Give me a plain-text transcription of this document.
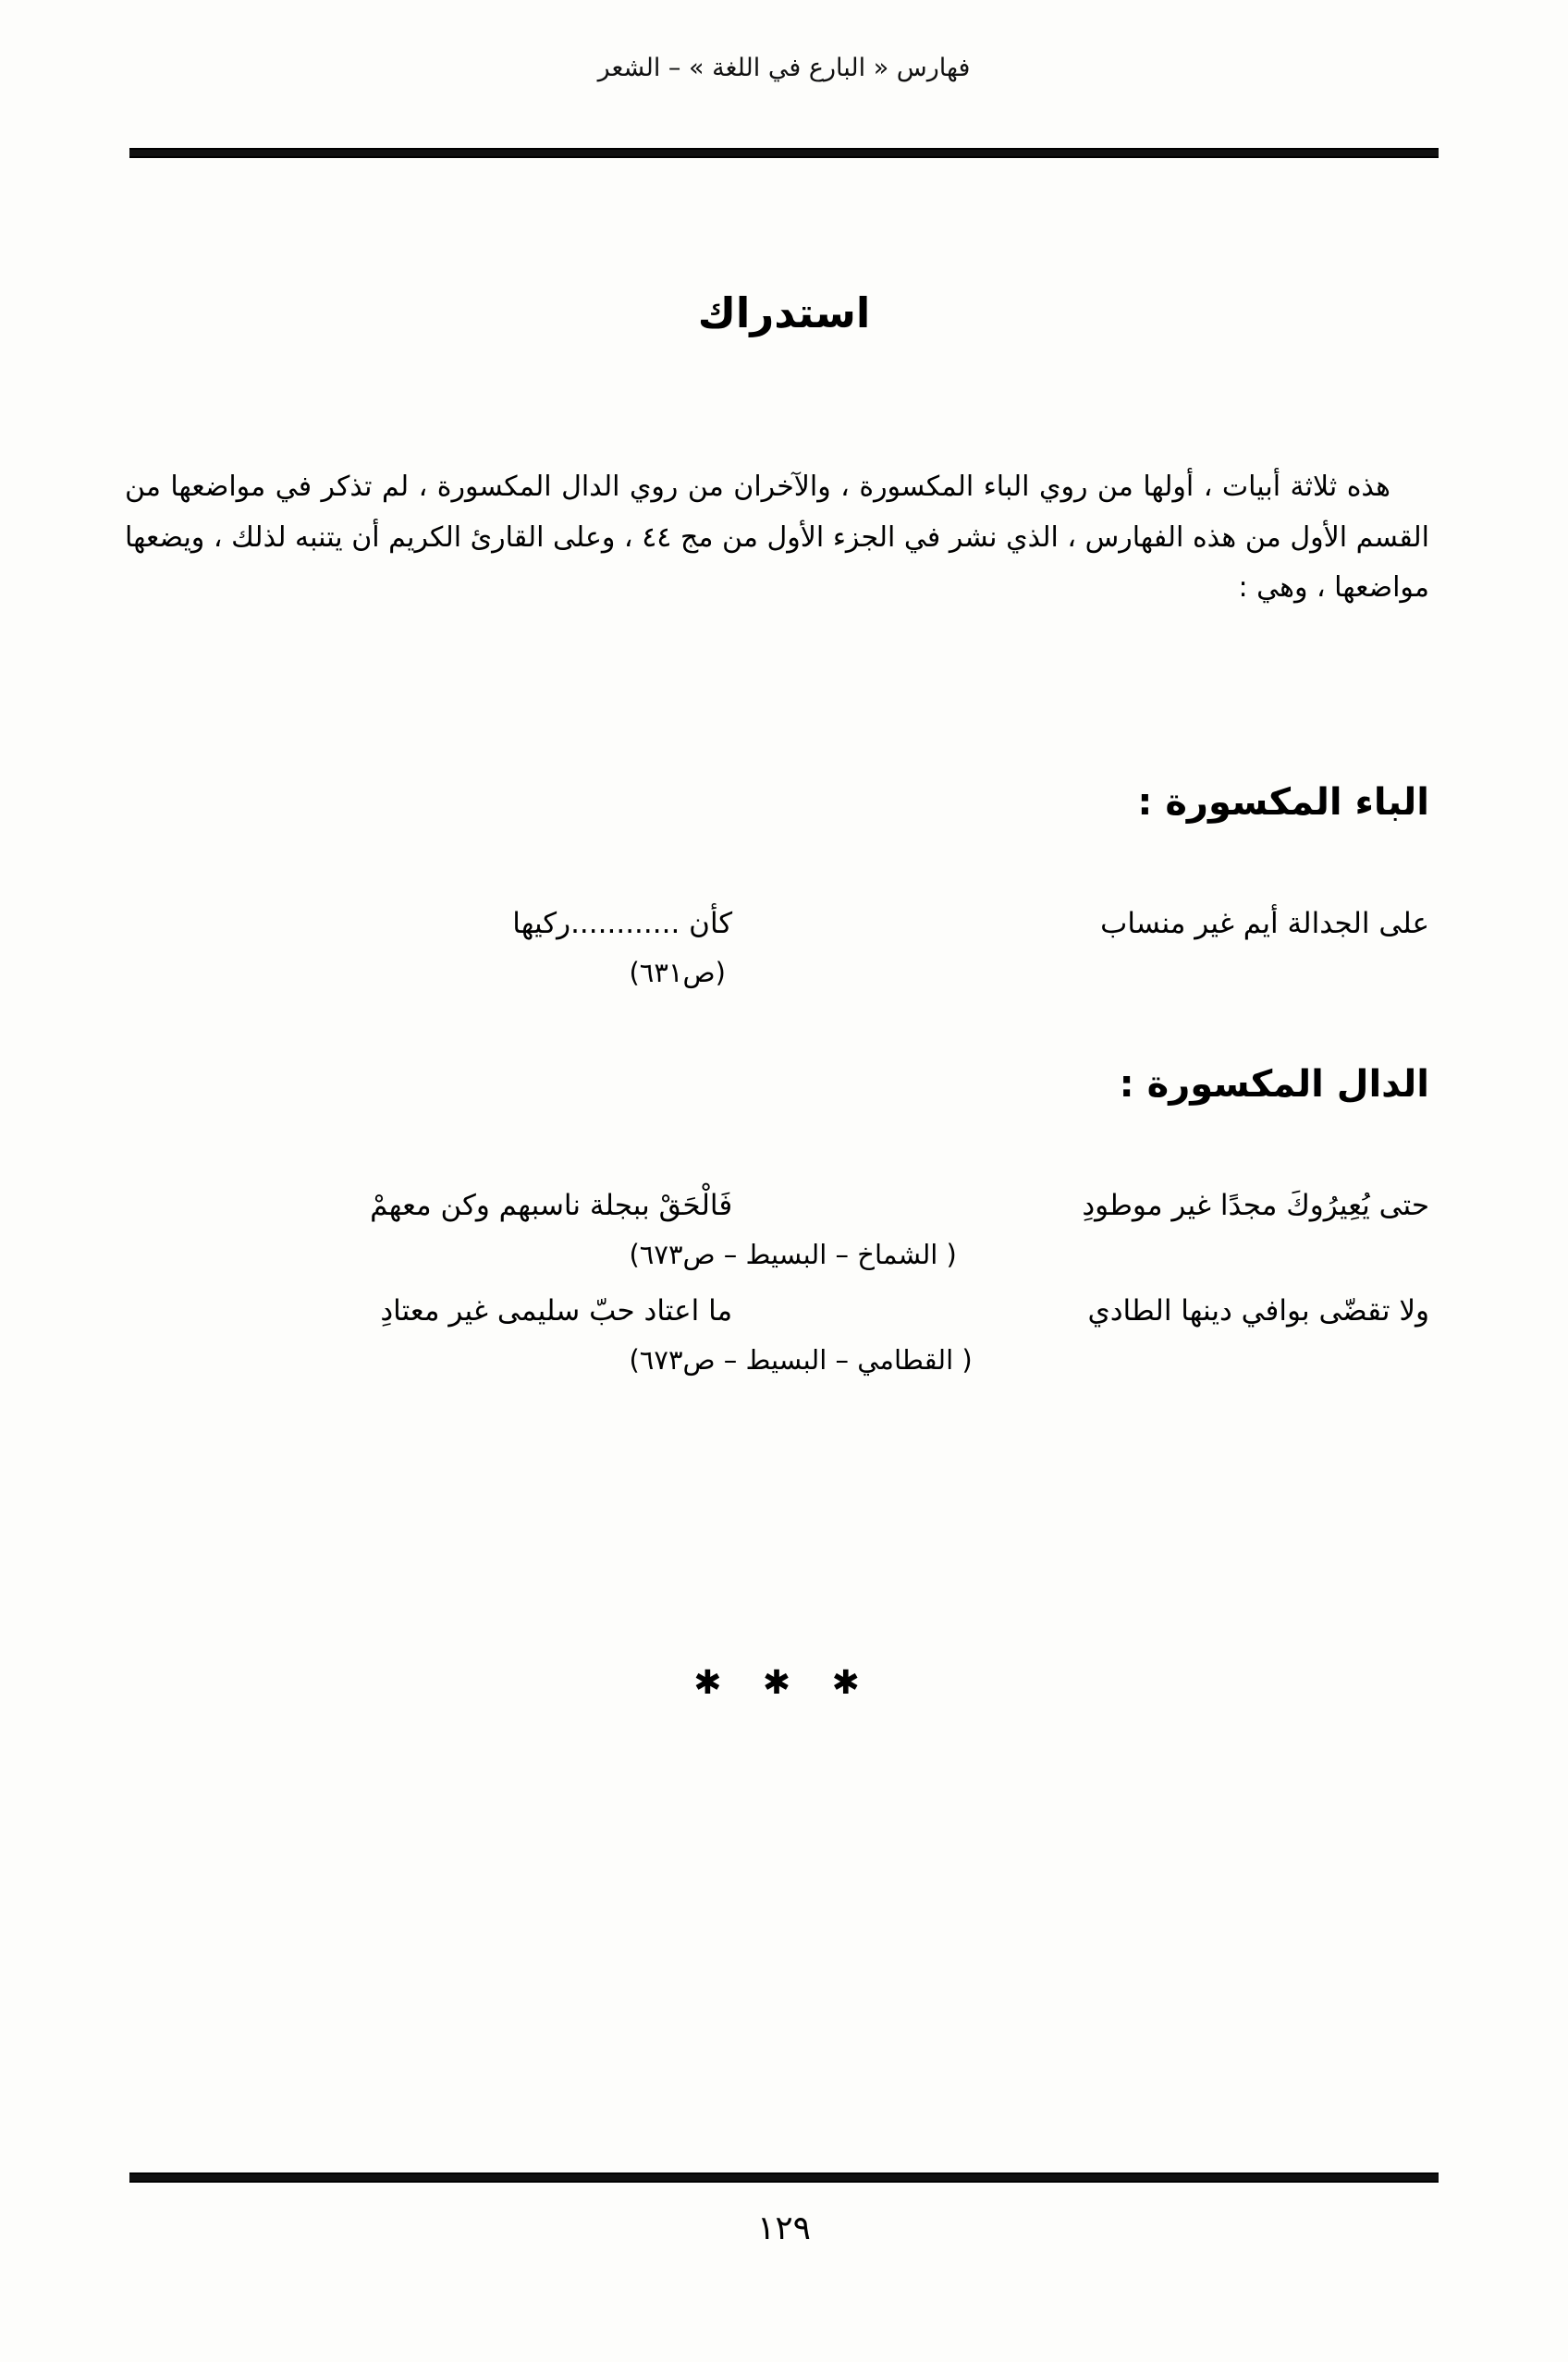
فهارس « البارع في اللغة » – الشعر
استدراك

هذه ثلاثة أبيات ، أولها من روي الباء المكسورة ، والآخران من روي الدال المكسورة ، لم تذكر في مواضعها من القسم الأول من هذه الفهارس ، الذي نشر في الجزء الأول من مج ٤٤ ، وعلى القارئ الكريم أن يتنبه لذلك ، ويضعها مواضعها ، وهي :

الباء المكسورة :
على الجدالة أيم غير منساب
كأن ............ركيها
(ص٦٣١)
الدال المكسورة :
حتى يُعِيرُوكَ مجدًا غير موطودِ
فَالْحَقْ ببجلة ناسبهم وكن معهمْ
( الشماخ – البسيط – ص٦٧٣)
ولا تقضّى بوافي دينها الطادي
ما اعتاد حبّ سليمى غير معتادِ
( القطامي – البسيط – ص٦٧٣)
✱ ✱ ✱
١٢٩
